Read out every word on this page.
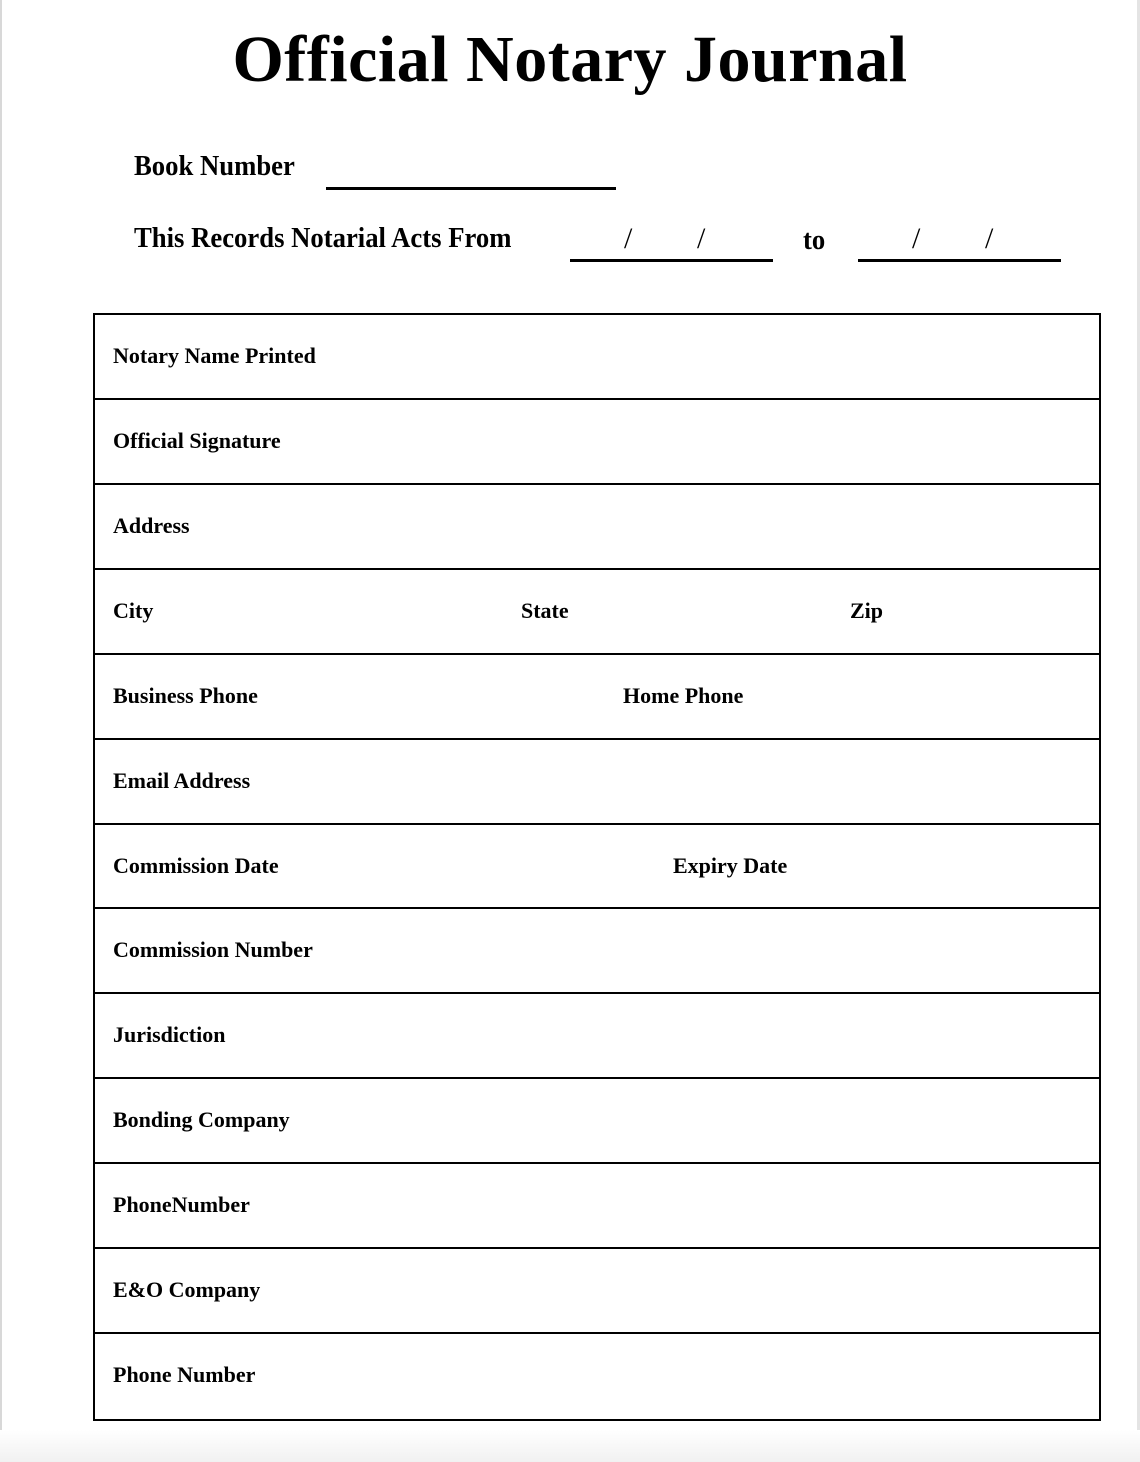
Official Notary Journal
Book Number
This Records Notarial Acts From	/ /	to	/ /
Notary Name Printed
Official Signature
Address
City	State	Zip
Business Phone	Home Phone
Email Address
Commission Date	Expiry Date
Commission Number
Jurisdiction
Bonding Company
PhoneNumber
E&O Company
Phone Number
